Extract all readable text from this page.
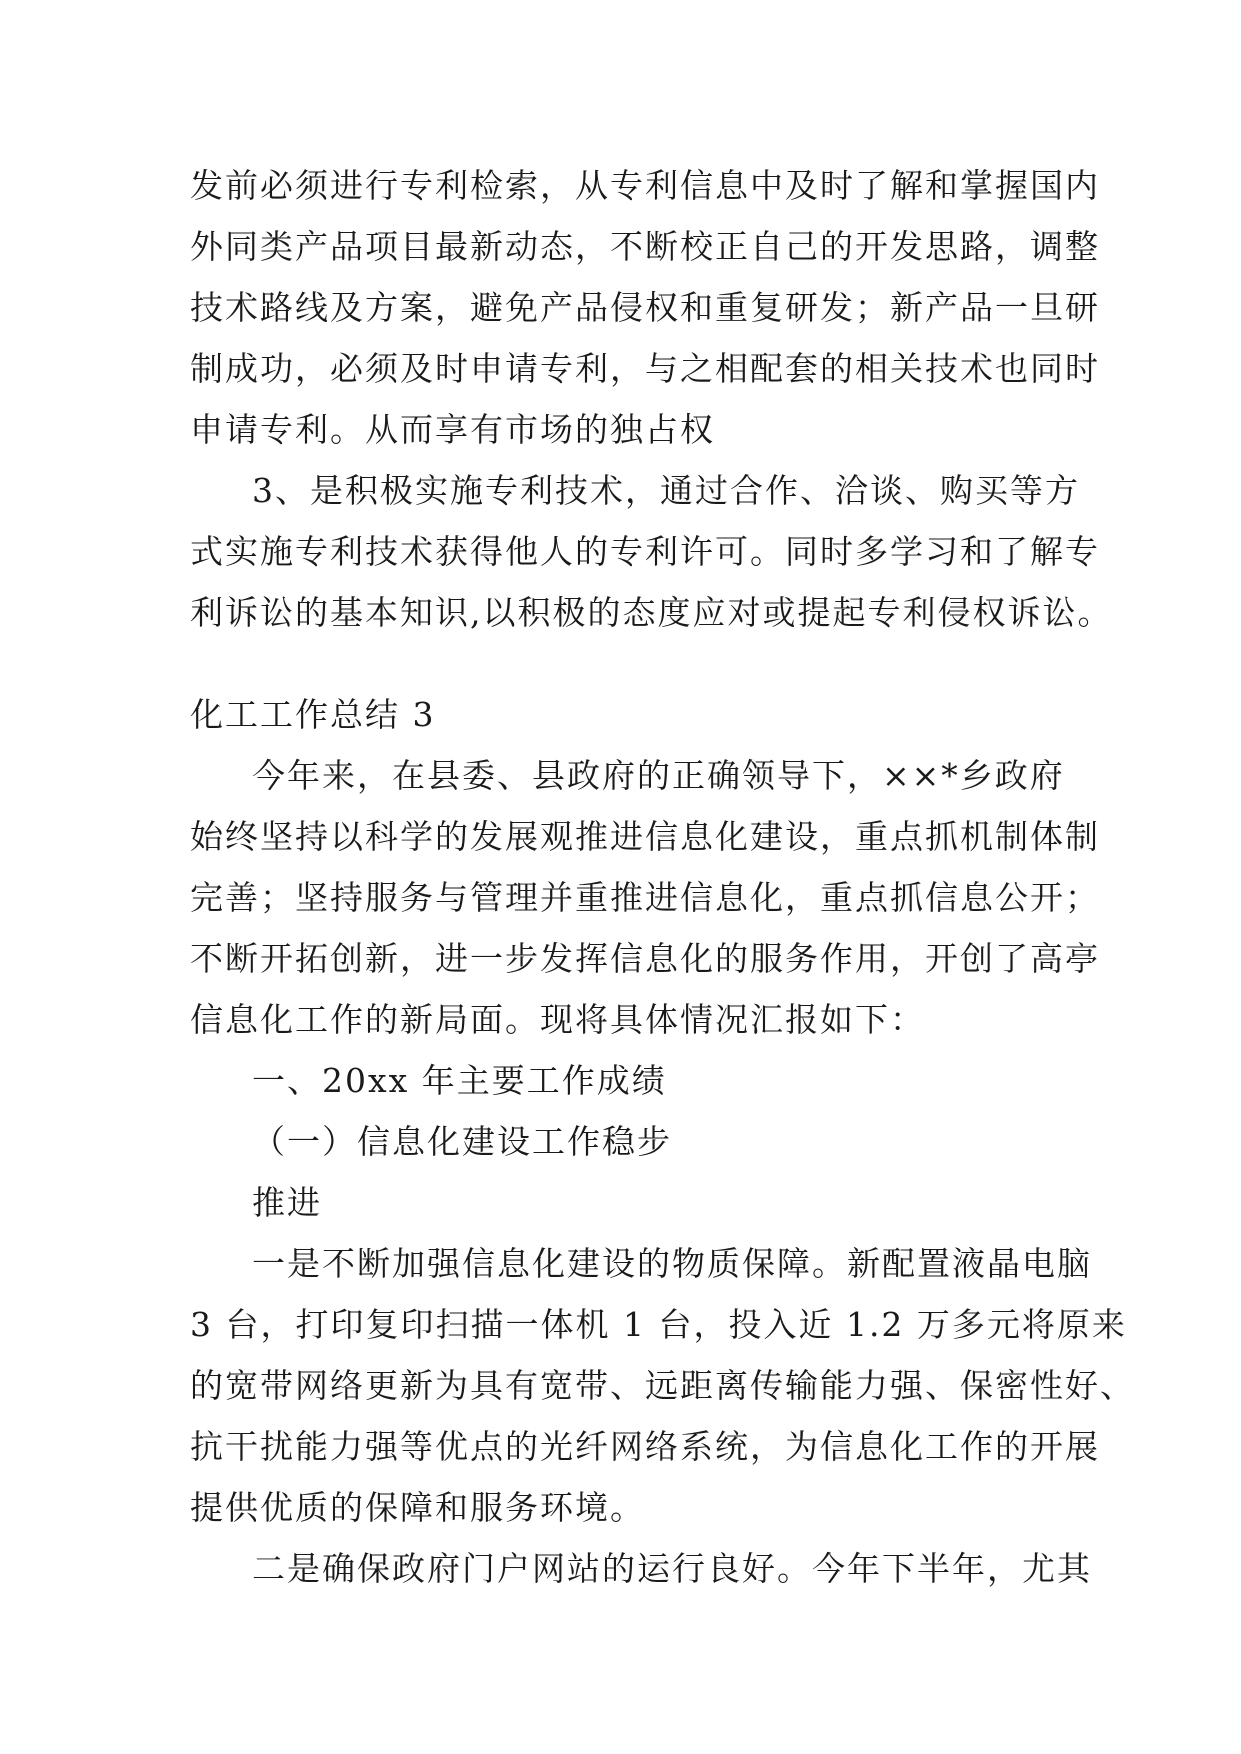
发前必须进行专利检索，从专利信息中及时了解和掌握国内
外同类产品项目最新动态，不断校正自己的开发思路，调整
技术路线及方案，避免产品侵权和重复研发；新产品一旦研
制成功，必须及时申请专利，与之相配套的相关技术也同时
申请专利。从而享有市场的独占权
3、是积极实施专利技术，通过合作、洽谈、购买等方
式实施专利技术获得他人的专利许可。同时多学习和了解专
利诉讼的基本知识,以积极的态度应对或提起专利侵权诉讼。
化工工作总结 3
今年来，在县委、县政府的正确领导下，××*乡政府
始终坚持以科学的发展观推进信息化建设，重点抓机制体制
完善；坚持服务与管理并重推进信息化，重点抓信息公开；
不断开拓创新，进一步发挥信息化的服务作用，开创了高亭
信息化工作的新局面。现将具体情况汇报如下：
一、20xx 年主要工作成绩
（一）信息化建设工作稳步
推进
一是不断加强信息化建设的物质保障。新配置液晶电脑
3 台，打印复印扫描一体机 1 台，投入近 1.2 万多元将原来
的宽带网络更新为具有宽带、远距离传输能力强、保密性好、
抗干扰能力强等优点的光纤网络系统，为信息化工作的开展
提供优质的保障和服务环境。
二是确保政府门户网站的运行良好。今年下半年，尤其
